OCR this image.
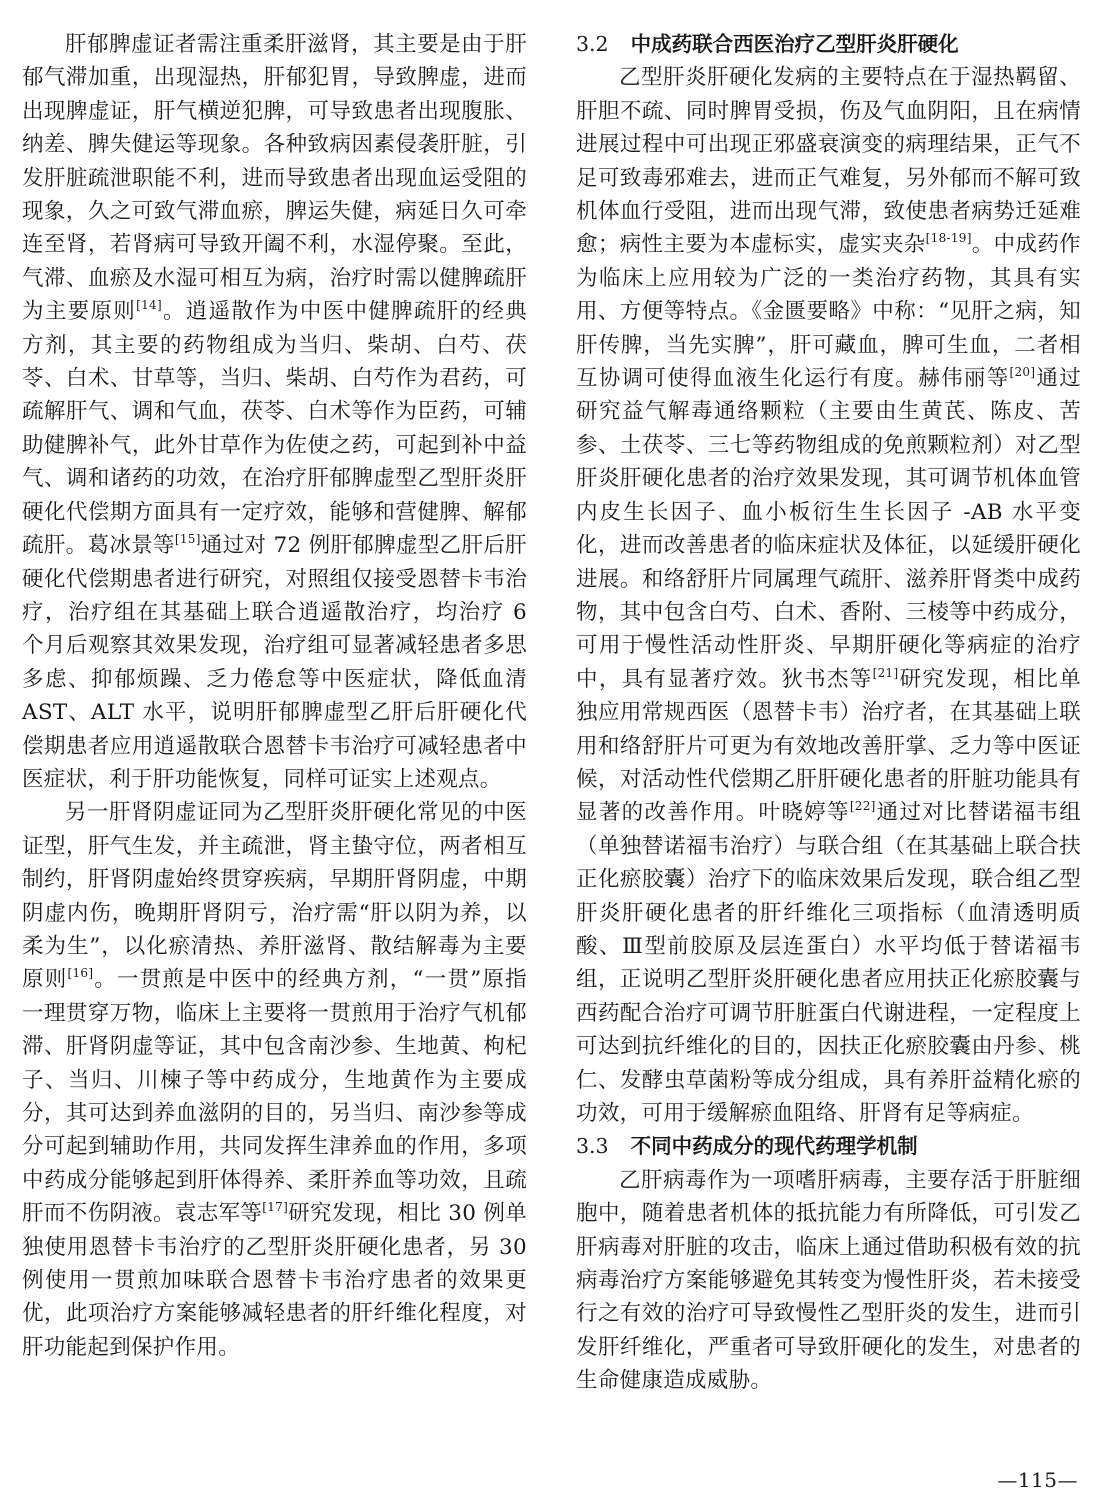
肝郁脾虚证者需注重柔肝滋肾，其主要是由于肝郁气滞加重，出现湿热，肝郁犯胃，导致脾虚，进而出现脾虚证，肝气横逆犯脾，可导致患者出现腹胀、纳差、脾失健运等现象。各种致病因素侵袭肝脏，引发肝脏疏泄职能不利，进而导致患者出现血运受阻的现象，久之可致气滞血瘀，脾运失健，病延日久可牵连至肾，若肾病可导致开阖不利，水湿停聚。至此，气滞、血瘀及水湿可相互为病，治疗时需以健脾疏肝为主要原则[14]。逍遥散作为中医中健脾疏肝的经典方剂，其主要的药物组成为当归、柴胡、白芍、茯苓、白术、甘草等，当归、柴胡、白芍作为君药，可疏解肝气、调和气血，茯苓、白术等作为臣药，可辅助健脾补气，此外甘草作为佐使之药，可起到补中益气、调和诸药的功效，在治疗肝郁脾虚型乙型肝炎肝硬化代偿期方面具有一定疗效，能够和营健脾、解郁疏肝。葛冰景等[15]通过对 72 例肝郁脾虚型乙肝后肝硬化代偿期患者进行研究，对照组仅接受恩替卡韦治疗，治疗组在其基础上联合逍遥散治疗，均治疗 6 个月后观察其效果发现，治疗组可显著减轻患者多思多虑、抑郁烦躁、乏力倦怠等中医症状，降低血清 AST、ALT 水平，说明肝郁脾虚型乙肝后肝硬化代偿期患者应用逍遥散联合恩替卡韦治疗可减轻患者中医症状，利于肝功能恢复，同样可证实上述观点。

另一肝肾阴虚证同为乙型肝炎肝硬化常见的中医证型，肝气生发，并主疏泄，肾主蛰守位，两者相互制约，肝肾阴虚始终贯穿疾病，早期肝肾阴虚，中期阴虚内伤，晚期肝肾阴亏，治疗需“肝以阴为养，以柔为生”，以化瘀清热、养肝滋肾、散结解毒为主要原则[16]。一贯煎是中医中的经典方剂，“一贯”原指一理贯穿万物，临床上主要将一贯煎用于治疗气机郁滞、肝肾阴虚等证，其中包含南沙参、生地黄、枸杞子、当归、川楝子等中药成分，生地黄作为主要成分，其可达到养血滋阴的目的，另当归、南沙参等成分可起到辅助作用，共同发挥生津养血的作用，多项中药成分能够起到肝体得养、柔肝养血等功效，且疏肝而不伤阴液。袁志军等[17]研究发现，相比 30 例单独使用恩替卡韦治疗的乙型肝炎肝硬化患者，另 30 例使用一贯煎加味联合恩替卡韦治疗患者的效果更优，此项治疗方案能够减轻患者的肝纤维化程度，对肝功能起到保护作用。

3.2 中成药联合西医治疗乙型肝炎肝硬化

乙型肝炎肝硬化发病的主要特点在于湿热羁留、肝胆不疏、同时脾胃受损，伤及气血阴阳，且在病情进展过程中可出现正邪盛衰演变的病理结果，正气不足可致毒邪难去，进而正气难复，另外郁而不解可致机体血行受阻，进而出现气滞，致使患者病势迁延难愈；病性主要为本虚标实，虚实夹杂[18-19]。中成药作为临床上应用较为广泛的一类治疗药物，其具有实用、方便等特点。《金匮要略》中称：“见肝之病，知肝传脾，当先实脾”，肝可藏血，脾可生血，二者相互协调可使得血液生化运行有度。赫伟丽等[20]通过研究益气解毒通络颗粒（主要由生黄芪、陈皮、苦参、土茯苓、三七等药物组成的免煎颗粒剂）对乙型肝炎肝硬化患者的治疗效果发现，其可调节机体血管内皮生长因子、血小板衍生生长因子 -AB 水平变化，进而改善患者的临床症状及体征，以延缓肝硬化进展。和络舒肝片同属理气疏肝、滋养肝肾类中成药物，其中包含白芍、白术、香附、三棱等中药成分，可用于慢性活动性肝炎、早期肝硬化等病症的治疗中，具有显著疗效。狄书杰等[21]研究发现，相比单独应用常规西医（恩替卡韦）治疗者，在其基础上联用和络舒肝片可更为有效地改善肝掌、乏力等中医证候，对活动性代偿期乙肝肝硬化患者的肝脏功能具有显著的改善作用。叶晓婷等[22]通过对比替诺福韦组（单独替诺福韦治疗）与联合组（在其基础上联合扶正化瘀胶囊）治疗下的临床效果后发现，联合组乙型肝炎肝硬化患者的肝纤维化三项指标（血清透明质酸、Ⅲ型前胶原及层连蛋白）水平均低于替诺福韦组，正说明乙型肝炎肝硬化患者应用扶正化瘀胶囊与西药配合治疗可调节肝脏蛋白代谢进程，一定程度上可达到抗纤维化的目的，因扶正化瘀胶囊由丹参、桃仁、发酵虫草菌粉等成分组成，具有养肝益精化瘀的功效，可用于缓解瘀血阻络、肝肾有足等病症。

3.3 不同中药成分的现代药理学机制

乙肝病毒作为一项嗜肝病毒，主要存活于肝脏细胞中，随着患者机体的抵抗能力有所降低，可引发乙肝病毒对肝脏的攻击，临床上通过借助积极有效的抗病毒治疗方案能够避免其转变为慢性肝炎，若未接受行之有效的治疗可导致慢性乙型肝炎的发生，进而引发肝纤维化，严重者可导致肝硬化的发生，对患者的生命健康造成威胁。

—115—
